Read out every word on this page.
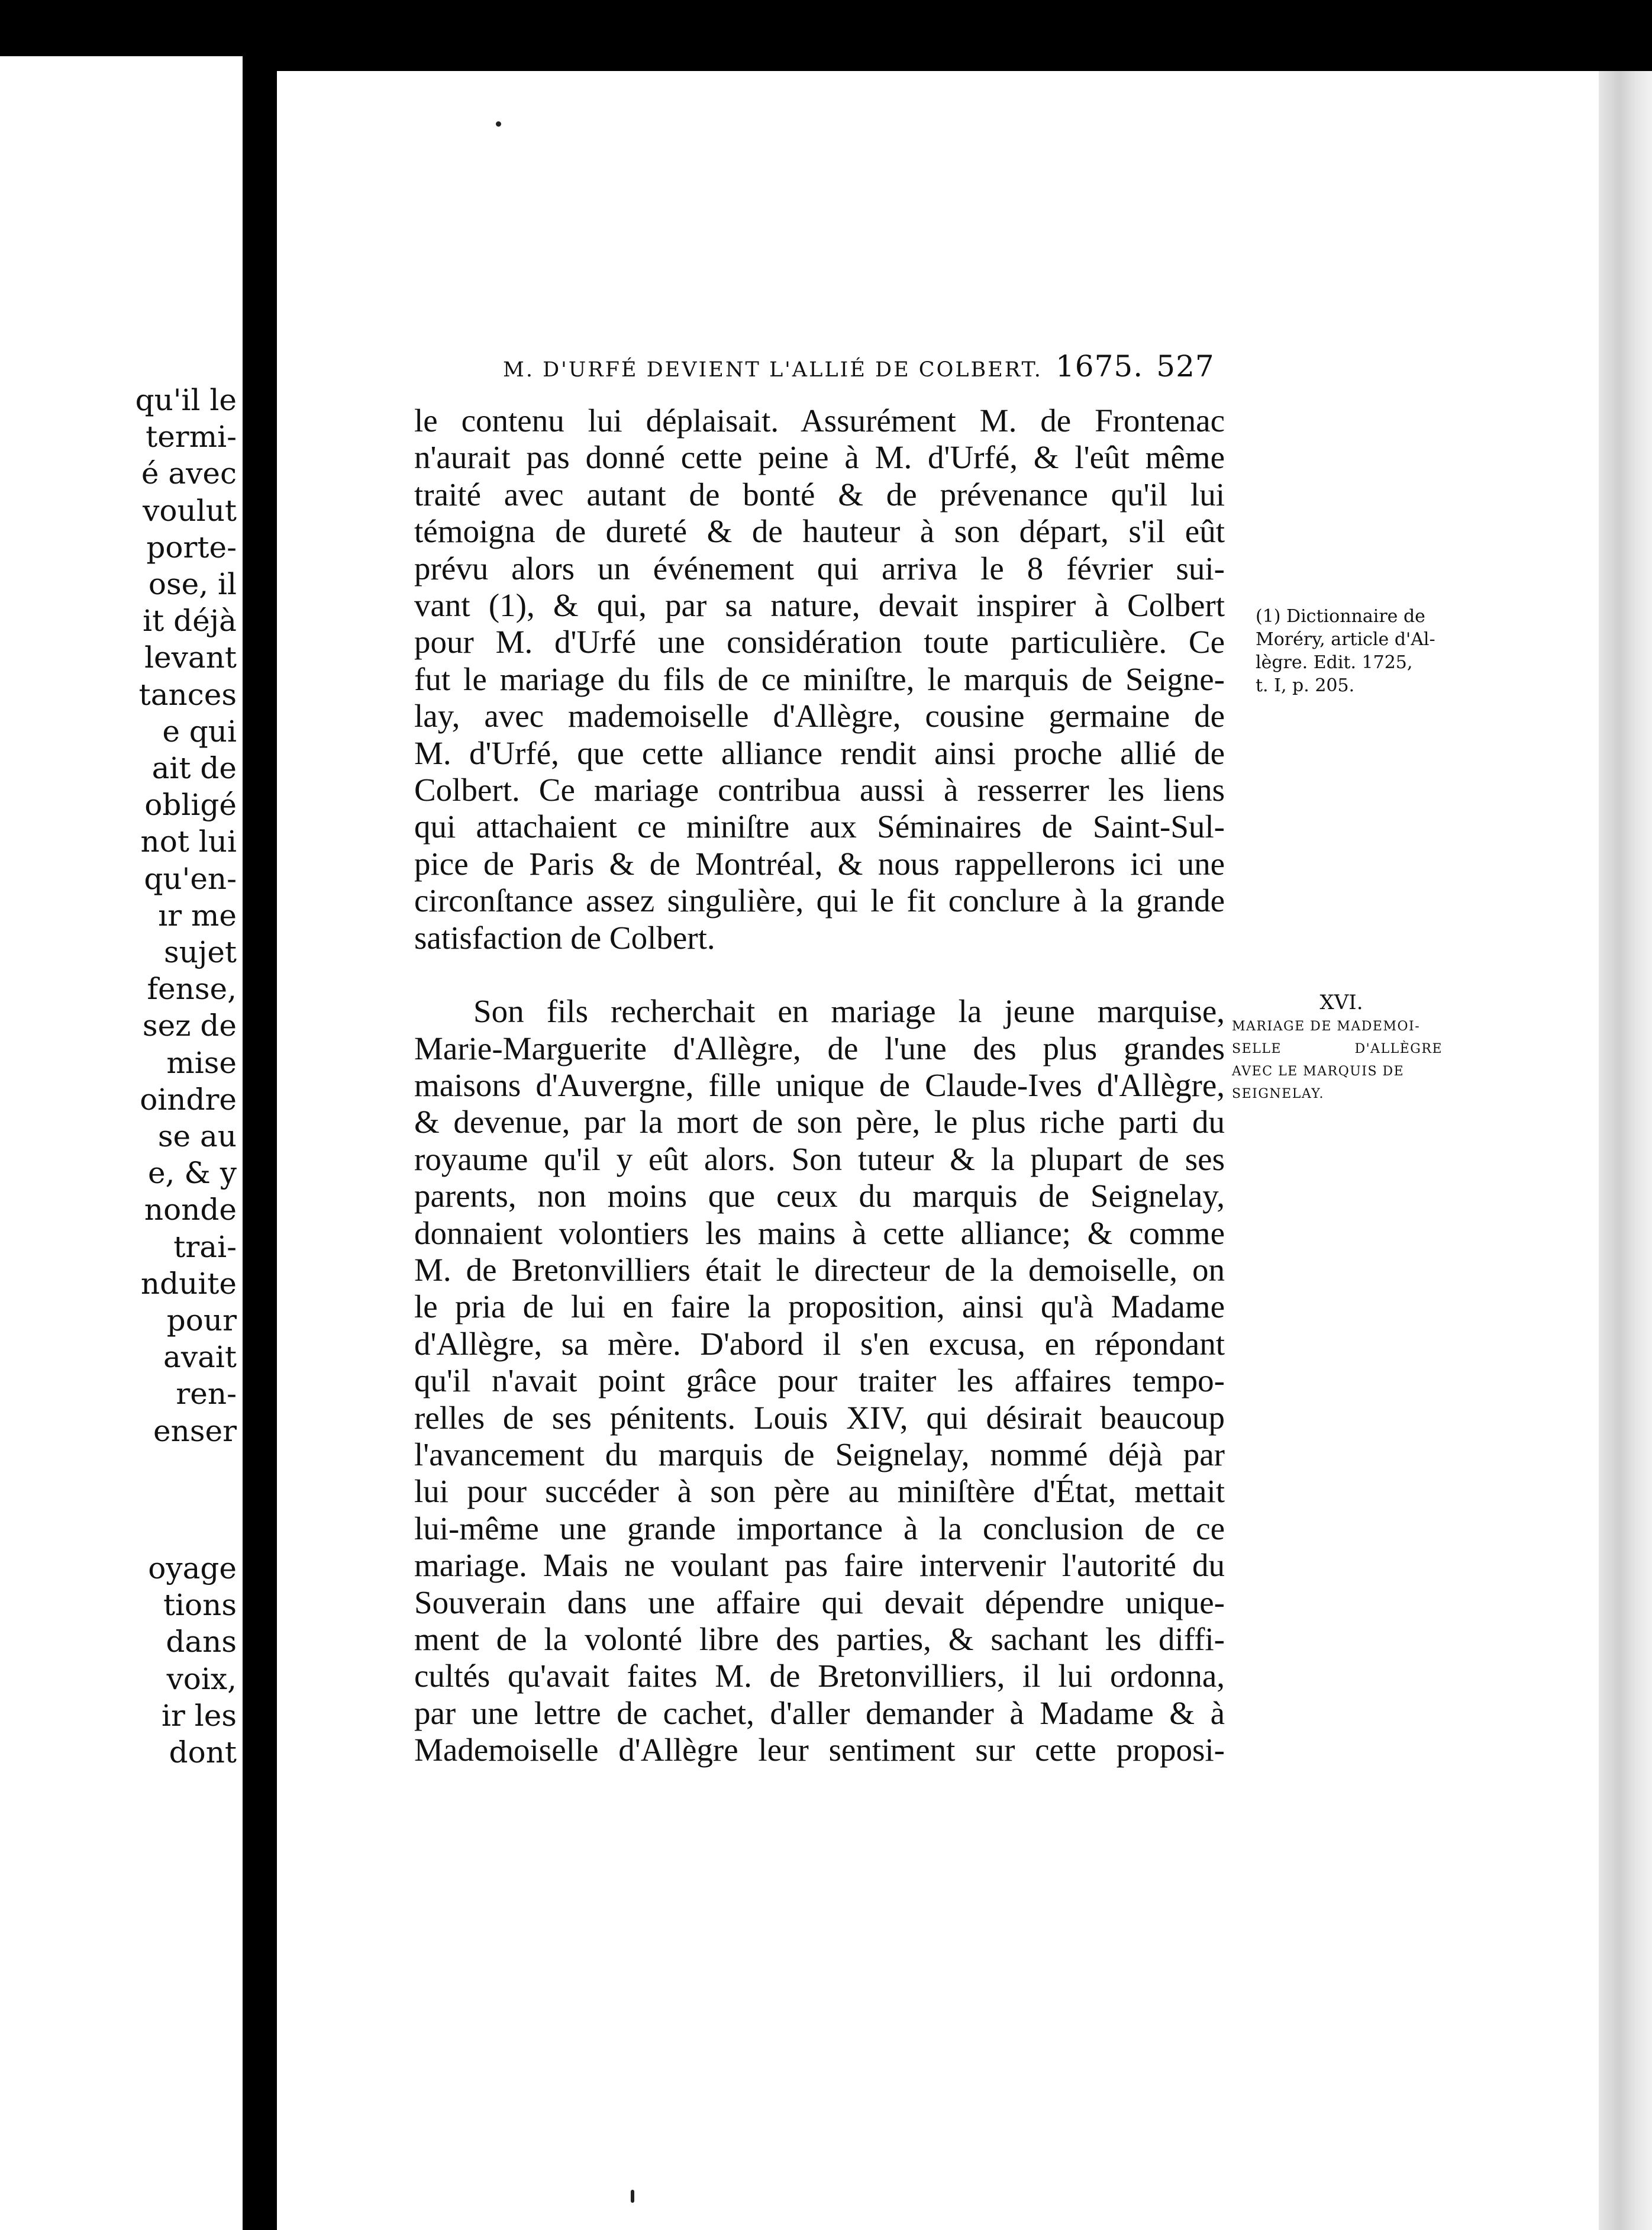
qu'il le
termi-
é avec
voulut
porte-
ose, il
it déjà
levant
tances
e qui
ait de
obligé
not lui
qu'en-
ır me
sujet
fense,
sez de
mise
oindre
se au
e, & y
nonde
trai-
nduite
pour
avait
ren-
enser
oyage
tions
dans
voix,
ir les
dont
M. D'URFÉ DEVIENT L'ALLIÉ DE COLBERT. 1675. 527

le contenu lui déplaisait. Assurément M. de Frontenac

n'aurait pas donné cette peine à M. d'Urfé, & l'eût même

traité avec autant de bonté & de prévenance qu'il lui

témoigna de dureté & de hauteur à son départ, s'il eût

prévu alors un événement qui arriva le 8 février sui-

vant (1), & qui, par sa nature, devait inspirer à Colbert

pour M. d'Urfé une considération toute particulière. Ce

fut le mariage du fils de ce miniſtre, le marquis de Seigne-

lay, avec mademoiselle d'Allègre, cousine germaine de

M. d'Urfé, que cette alliance rendit ainsi proche allié de

Colbert. Ce mariage contribua aussi à resserrer les liens

qui attachaient ce miniſtre aux Séminaires de Saint-Sul-

pice de Paris & de Montréal, & nous rappellerons ici une

circonſtance assez singulière, qui le fit conclure à la grande

satisfaction de Colbert.

Son fils recherchait en mariage la jeune marquise,

Marie-Marguerite d'Allègre, de l'une des plus grandes

maisons d'Auvergne, fille unique de Claude-Ives d'Allègre,

& devenue, par la mort de son père, le plus riche parti du

royaume qu'il y eût alors. Son tuteur & la plupart de ses

parents, non moins que ceux du marquis de Seignelay,

donnaient volontiers les mains à cette alliance; & comme

M. de Bretonvilliers était le directeur de la demoiselle, on

le pria de lui en faire la proposition, ainsi qu'à Madame

d'Allègre, sa mère. D'abord il s'en excusa, en répondant

qu'il n'avait point grâce pour traiter les affaires tempo-

relles de ses pénitents. Louis XIV, qui désirait beaucoup

l'avancement du marquis de Seignelay, nommé déjà par

lui pour succéder à son père au miniſtère d'État, mettait

lui-même une grande importance à la conclusion de ce

mariage. Mais ne voulant pas faire intervenir l'autorité du

Souverain dans une affaire qui devait dépendre unique-

ment de la volonté libre des parties, & sachant les diffi-

cultés qu'avait faites M. de Bretonvilliers, il lui ordonna,

par une lettre de cachet, d'aller demander à Madame & à

Mademoiselle d'Allègre leur sentiment sur cette proposi-

(1) Dictionnaire de
Moréry, article d'Al-
lègre. Edit. 1725,
t. I, p. 205.
XVI.
MARIAGE DE MADEMOI-
SELLE D'ALLÈGRE
AVEC LE MARQUIS DE
SEIGNELAY.
